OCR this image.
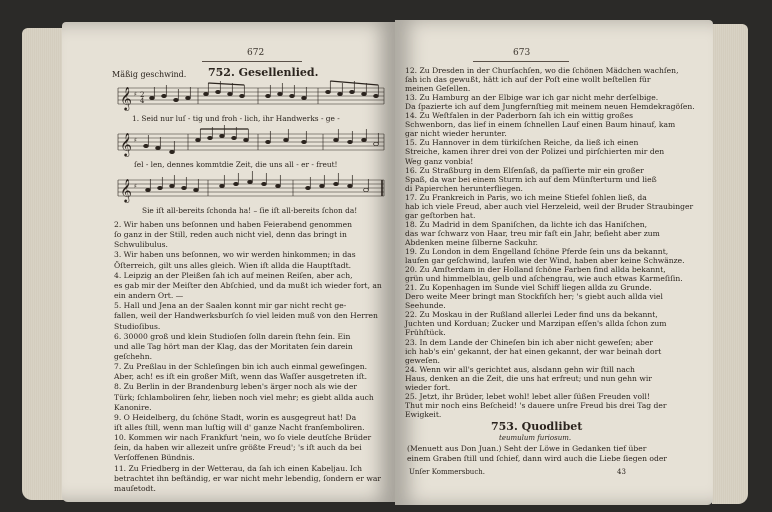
672
Mäßig geschwind. 752. Gesellenlied.
𝄞 ♯ 2
4
1. Seid nur luſ - tig und froh - lich, ihr Handwerks - ge -
𝄞 ♯
ſel - len, dennes kommtdie Zeit, die uns all - er - freut!
𝄞 ♯
Sie iſt all-bereits ſchonda ha! – ſie iſt all-bereits ſchon da!
2. Wir haben uns beſonnen und haben Feierabend genommen
ſo ganz in der Still, reden auch nicht viel, denn das bringt in
Schwulibulus.
3. Wir haben uns beſonnen, wo wir werden hinkommen; in das
Öſterreich, gilt uns alles gleich. Wien iſt allda die Hauptſtadt.
4. Leipzig an der Pleißen ſah ich auf meinen Reiſen, aber ach,
es gab mir der Meiſter den Abſchied, und da mußt ich wieder fort, an
ein andern Ort. —
5. Hall und Jena an der Saalen konnt mir gar nicht recht ge-
fallen, weil der Handwerksburſch ſo viel leiden muß von den Herren
Studioſibus.
6. 30000 groß und klein Studioſen ſolln darein ſtehn ſein. Ein
und alle Tag hört man der Klag, das der Moritaten ſein darein
geſchehn.
7. Zu Preßlau in der Schleſingen bin ich auch einmal geweſingen.
Aber, ach! es iſt ein großer Miſt, wenn das Waſſer ausgetreten iſt.
8. Zu Berlin in der Brandenburg leben's ärger noch als wie der
Türk; ſchlamboliren ſehr, lieben noch viel mehr; es giebt allda auch
Kanonire.
9. O Heidelberg, du ſchöne Stadt, worin es ausgegreut hat! Da
iſt alles ſtill, wenn man luſtig will d' ganze Nacht franſemboliren.
10. Kommen wir nach Frankfurt 'nein, wo ſo viele deutſche Brüder
ſein, da haben wir allezeit unſre größte Freud'; 's iſt auch da bei
Verſoffenen Bündnis.
11. Zu Friedberg in der Wetterau, da ſah ich einen Kabeljau. Ich
betrachtet ihn beſtändig, er war nicht mehr lebendig, ſondern er war
mauſetodt.
673
12. Zu Dresden in der Churſachſen, wo die ſchönen Mädchen wachſen,
ſah ich das gewußt, hätt ich auf der Poſt eine wollt beſtellen für
meinen Geſellen.
13. Zu Hamburg an der Elbige war ich gar nicht mehr derſelbige.
Da ſpazierte ich auf dem Jungfernſtieg mit meinem neuen Hemdekragöſen.
14. Zu Weſtfalen in der Paderborn ſah ich ein wittig großes
Schwenborn, das lief in einem ſchnellen Lauf einen Baum hinauf, kam
gar nicht wieder herunter.
15. Zu Hannover in dem türkiſchen Reiche, da ließ ich einen
Streiche, kamen ihrer drei von der Polizei und pirſchierten mir den
Weg ganz vonbia!
16. Zu Straßburg in dem Elſenſaß, da paſſierte mir ein großer
Spaß, da war bei einem Sturm ich auf dem Münſterturm und ließ
di Papierchen herunterfliegen.
17. Zu Frankreich in Paris, wo ich meine Stiefel ſohlen ließ, da
hab ich viele Freud, aber auch viel Herzeleid, weil der Bruder Straubinger
gar geſtorben hat.
18. Zu Madrid in dem Spaniſchen, da lichte ich das Haniſchen,
das war ſchwarz von Haar, treu mir faſt ein Jahr, beſieht aber zum
Abdenken meine ſilberne Sackuhr.
19. Zu London in dem Engelland ſchöne Pferde ſein uns da bekannt,
laufen gar geſchwind, laufen wie der Wind, haben aber keine Schwänze.
20. Zu Amſterdam in der Holland ſchöne Farben find allda bekannt,
grün und himmelblau, gelb und aſchengrau, wie auch etwas Karmeſiſin.
21. Zu Kopenhagen im Sunde viel Schiff liegen allda zu Grunde.
Dero weite Meer bringt man Stockfiſch her; 's giebt auch allda viel
Seehunde.
22. Zu Moskau in der Rußland allerlei Leder find uns da bekannt,
Juchten und Korduan; Zucker und Marzipan eſſen's allda ſchon zum
Frühſtück.
23. In dem Lande der Chineſen bin ich aber nicht geweſen; aber
ich hab's ein' gekannt, der hat einen gekannt, der war beinah dort
geweſen.
24. Wenn wir all's gerichtet aus, alsdann gehn wir ſtill nach
Haus, denken an die Zeit, die uns hat erfreut; und nun gehn wir
wieder fort.
25. Jetzt, ihr Brüder, lebet wohl! lebet aller ſüßen Freuden voll!
Thut mir noch eins Beſcheid! 's dauere unſre Freud bis drei Tag der
Ewigkeit.
753. Quodlibet
teumulum furiosum.
(Menuett aus Don Juan.) Seht der Löwe in Gedanken tief über
einem Graben ſtill und ſchief, dann wird auch die Liebe ſiegen oder
Unſer Kommersbuch.	43
